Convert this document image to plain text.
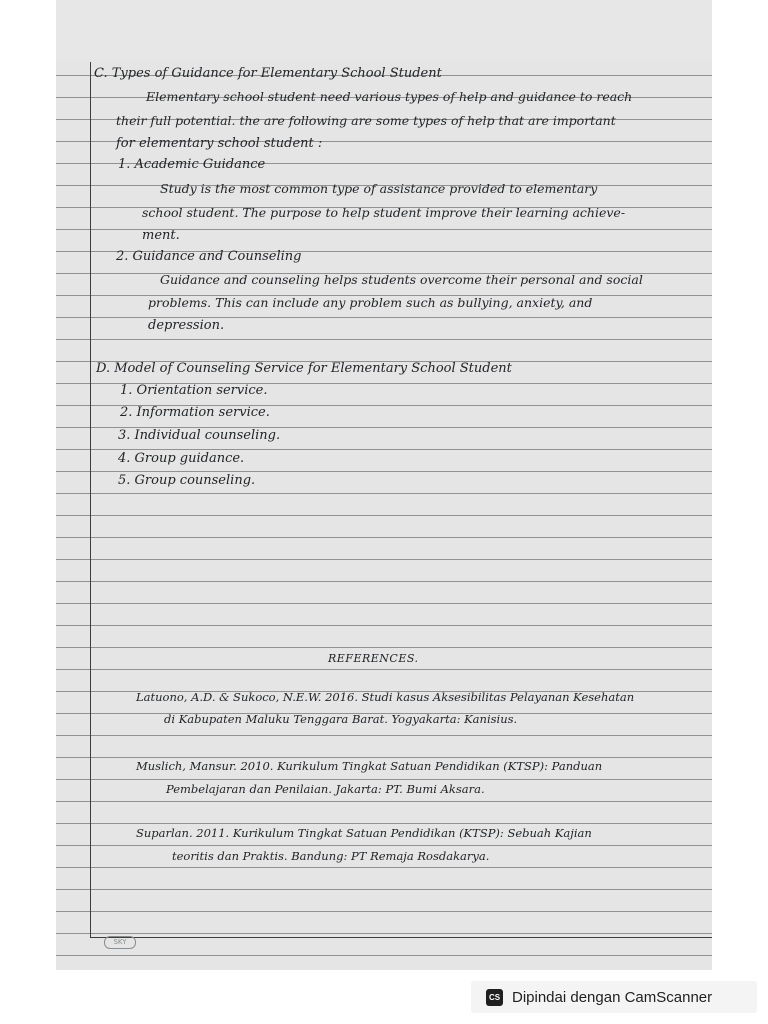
C. Types of Guidance for Elementary School Student
Elementary school student need various types of help and guidance to reach
their full potential. the are following are some types of help that are important
for elementary school student :
1. Academic Guidance
Study is the most common type of assistance provided to elementary
school student. The purpose to help student improve their learning achieve-
ment.
2. Guidance and Counseling
Guidance and counseling helps students overcome their personal and social
problems. This can include any problem such as bullying, anxiety, and
depression.
D. Model of Counseling Service for Elementary School Student
1. Orientation service.
2. Information service.
3. Individual counseling.
4. Group guidance.
5. Group counseling.
REFERENCES.
Latuono, A.D. & Sukoco, N.E.W. 2016. Studi kasus Aksesibilitas Pelayanan Kesehatan
di Kabupaten Maluku Tenggara Barat. Yogyakarta: Kanisius.
Muslich, Mansur. 2010. Kurikulum Tingkat Satuan Pendidikan (KTSP): Panduan
Pembelajaran dan Penilaian. Jakarta: PT. Bumi Aksara.
Suparlan. 2011. Kurikulum Tingkat Satuan Pendidikan (KTSP): Sebuah Kajian
teoritis dan Praktis. Bandung: PT Remaja Rosdakarya.
SKY
CS Dipindai dengan CamScanner
